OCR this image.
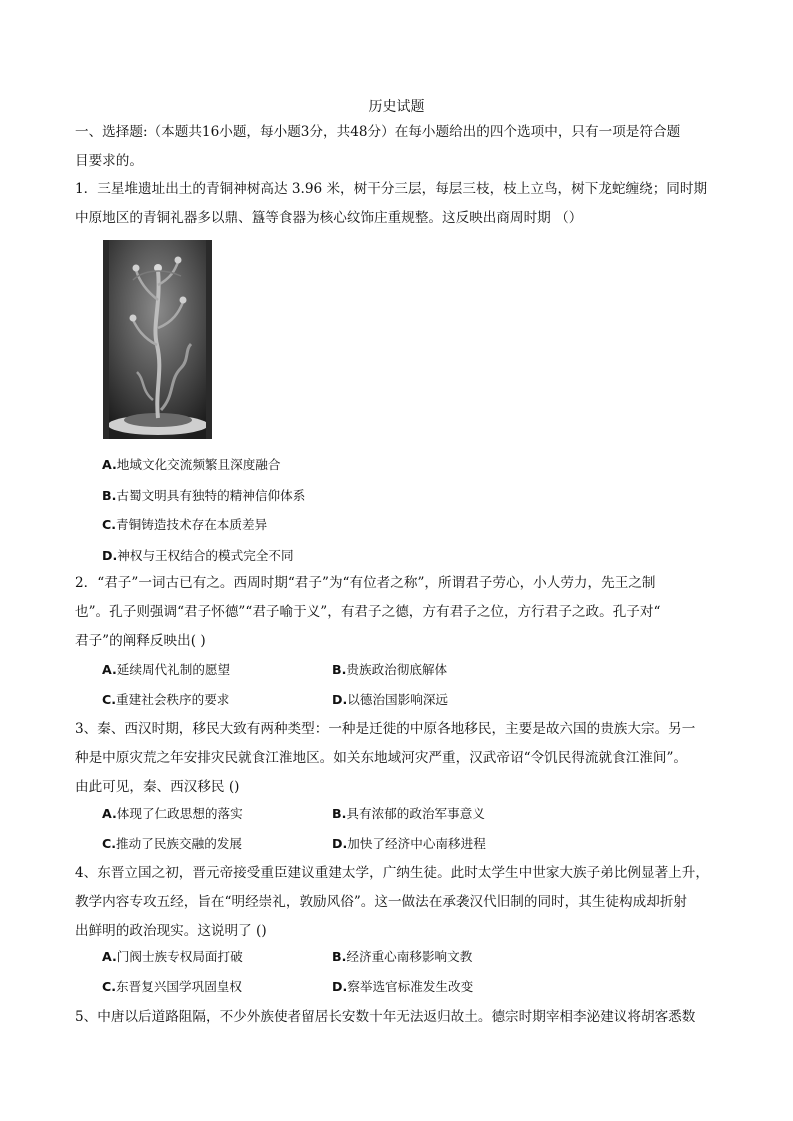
历史试题
一、选择题:（本题共16小题，每小题3分，共48分）在每小题给出的四个选项中，只有一项是符合题
目要求的。
1．三星堆遗址出土的青铜神树高达 3.96 米，树干分三层，每层三枝，枝上立鸟，树下龙蛇缠绕；同时期
中原地区的青铜礼器多以鼎、簋等食器为核心纹饰庄重规整。这反映出商周时期 （）
A.地域文化交流频繁且深度融合
B.古蜀文明具有独特的精神信仰体系
C.青铜铸造技术存在本质差异
D.神权与王权结合的模式完全不同
2．“君子”一词古已有之。西周时期“君子”为“有位者之称”，所谓君子劳心，小人劳力，先王之制
也”。孔子则强调“君子怀德”“君子喻于义”，有君子之德，方有君子之位，方行君子之政。孔子对“
君子”的阐释反映出( )
A.延续周代礼制的愿望	B.贵族政治彻底解体
C.重建社会秩序的要求	D.以德治国影响深远
3、秦、西汉时期，移民大致有两种类型：一种是迁徙的中原各地移民，主要是故六国的贵族大宗。另一
种是中原灾荒之年安排灾民就食江淮地区。如关东地域河灾严重，汉武帝诏“令饥民得流就食江淮间”。
由此可见，秦、西汉移民 ()
A.体现了仁政思想的落实	B.具有浓郁的政治军事意义
C.推动了民族交融的发展	D.加快了经济中心南移进程
4、东晋立国之初，晋元帝接受重臣建议重建太学，广纳生徒。此时太学生中世家大族子弟比例显著上升，
教学内容专攻五经，旨在“明经崇礼，敦励风俗”。这一做法在承袭汉代旧制的同时，其生徒构成却折射
出鲜明的政治现实。这说明了 ()
A.门阀士族专权局面打破	B.经济重心南移影响文教
C.东晋复兴国学巩固皇权	D.察举选官标准发生改变
5、中唐以后道路阻隔，不少外族使者留居长安数十年无法返归故土。德宗时期宰相李泌建议将胡客悉数
